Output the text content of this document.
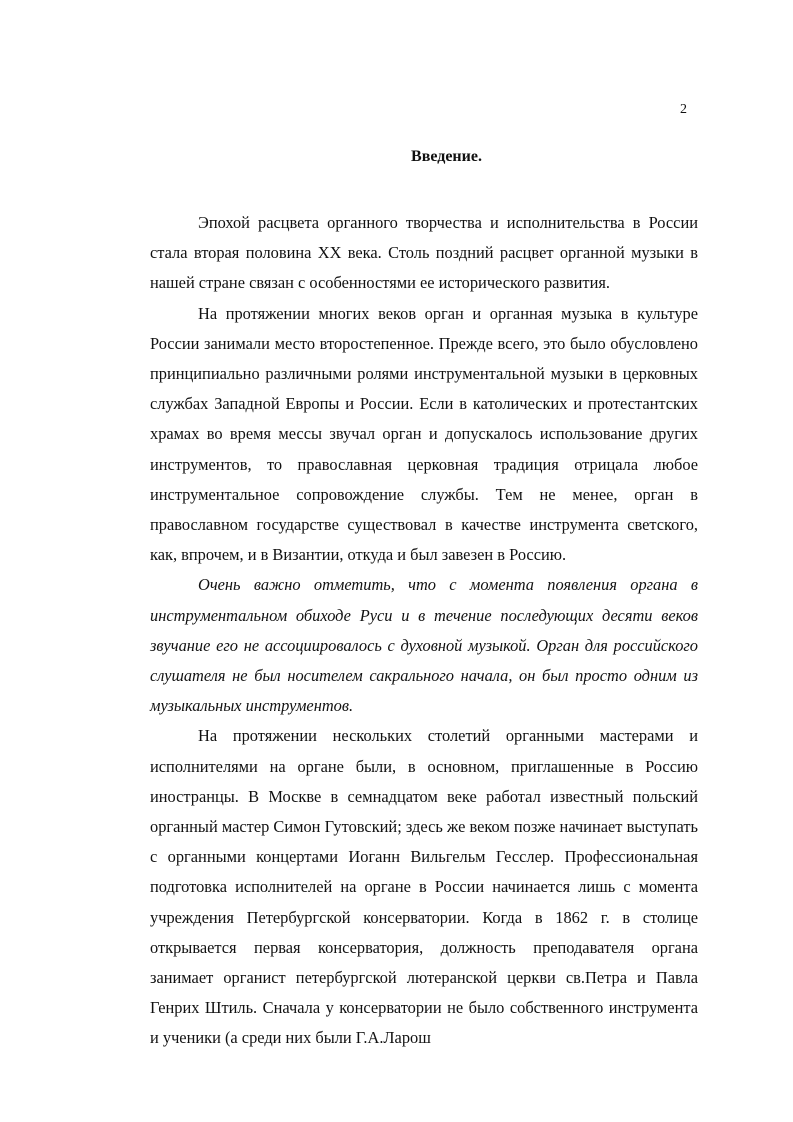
2
Введение.

Эпохой расцвета органного творчества и исполнительства в России стала вторая половина XX века. Столь поздний расцвет органной музыки в нашей стране связан с особенностями ее исторического развития.

На протяжении многих веков орган и органная музыка в культуре России занимали место второстепенное. Прежде всего, это было обусловлено принципиально различными ролями инструментальной музыки в церковных службах Западной Европы и России. Если в католических и протестантских храмах во время мессы звучал орган и допускалось использование других инструментов, то православная церковная традиция отрицала любое инструментальное сопровождение службы. Тем не менее, орган в православном государстве существовал в качестве инструмента светского, как, впрочем, и в Византии, откуда и был завезен в Россию.

Очень важно отметить, что с момента появления органа в инструментальном обиходе Руси и в течение последующих десяти веков звучание его не ассоциировалось с духовной музыкой. Орган для российского слушателя не был носителем сакрального начала, он был просто одним из музыкальных инструментов.

На протяжении нескольких столетий органными мастерами и исполнителями на органе были, в основном, приглашенные в Россию иностранцы. В Москве в семнадцатом веке работал известный польский органный мастер Симон Гутовский; здесь же веком позже начинает выступать с органными концертами Иоганн Вильгельм Гесслер. Профессиональная подготовка исполнителей на органе в России начинается лишь с момента учреждения Петербургской консерватории. Когда в 1862 г. в столице открывается первая консерватория, должность преподавателя органа занимает органист петербургской лютеранской церкви св.Петра и Павла Генрих Штиль. Сначала у консерватории не было собственного инструмента и ученики (а среди них были Г.А.Ларош
